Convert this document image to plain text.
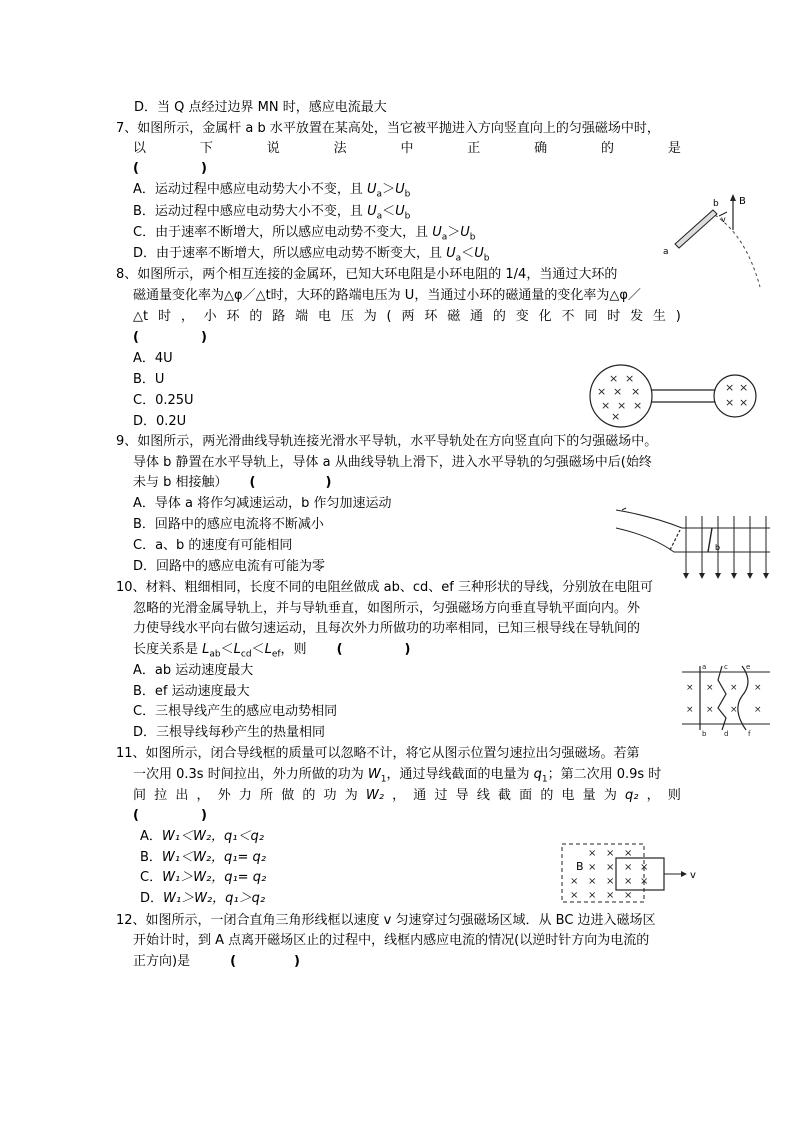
D．当 Q 点经过边界 MN 时，感应电流最大
7、如图所示，金属杆 a b 水平放置在某高处，当它被平抛进入方向竖直向上的匀强磁场中时，
以	下	说	法	中	正	确	的	是
(	)
A．运动过程中感应电动势大小不变，且 $U_a>U_b$
B．运动过程中感应电动势大小不变，且 $U_a<U_b$
C．由于速率不断增大，所以感应电动势不变大，且 $U_a>U_b$
D．由于速率不断增大，所以感应电动势不断变大，且 $U_a<U_b$
b B
v
a
8、如图所示，两个相互连接的金属环，已知大环电阻是小环电阻的 1/4，当通过大环的
磁通量变化率为△φ／△t时，大环的路端电压为 U，当通过小环的磁通量的变化率为△φ／
△t 时 ， 小 环 的 路 端 电 压 为 ( 两 环 磁 通 的 变 化 不 同 时 发 生 )
(	)
A．4U
B．U
C．0.25U
D．0.2U
× ×
× × ×
× × ×
×
× ×
× ×
9、如图所示，两光滑曲线导轨连接光滑水平导轨，水平导轨处在方向竖直向下的匀强磁场中。
导体 b 静置在水平导轨上，导体 a 从曲线导轨上滑下，进入水平导轨的匀强磁场中后(始终
未与 b 相接触） (	)
A．导体 a 将作匀减速运动，b 作匀加速运动
B．回路中的感应电流将不断减小
C．a、b 的速度有可能相同
D．回路中的感应电流有可能为零
b
10、材料、粗细相同，长度不同的电阻丝做成 ab、cd、ef 三种形状的导线，分别放在电阻可
忽略的光滑金属导轨上，并与导轨垂直，如图所示，匀强磁场方向垂直导轨平面向内。外
力使导线水平向右做匀速运动，且每次外力所做功的功率相同，已知三根导线在导轨间的
长度关系是 $L_{ab}<L_{cd}<L_{ef}$，则 (	)
A．ab 运动速度最大
B．ef 运动速度最大
C．三根导线产生的感应电动势相同
D．三根导线每秒产生的热量相同
× × × ×
× × × ×
a	c	e
b	d	f
11、如图所示，闭合导线框的质量可以忽略不计，将它从图示位置匀速拉出匀强磁场。若第
一次用 0.3s 时间拉出，外力所做的功为 $W_1$，通过导线截面的电量为 $q_1$；第二次用 0.9s 时
间 拉 出 ， 外 力 所 做 的 功 为 W₂ ， 通 过 导 线 截 面 的 电 量 为 q₂ ， 则
(	)
A．W₁＜W₂，q₁＜q₂
B．W₁＜W₂，q₁= q₂
C．W₁＞W₂，q₁= q₂
D．W₁＞W₂，q₁＞q₂
v
B
× × ×
× × × ×
× × × × ×
× × × ×
12、如图所示，一闭合直角三角形线框以速度 v 匀速穿过匀强磁场区域．从 BC 边进入磁场区
开始计时，到 A 点离开磁场区止的过程中，线框内感应电流的情况(以逆时针方向为电流的
正方向)是	(	)
